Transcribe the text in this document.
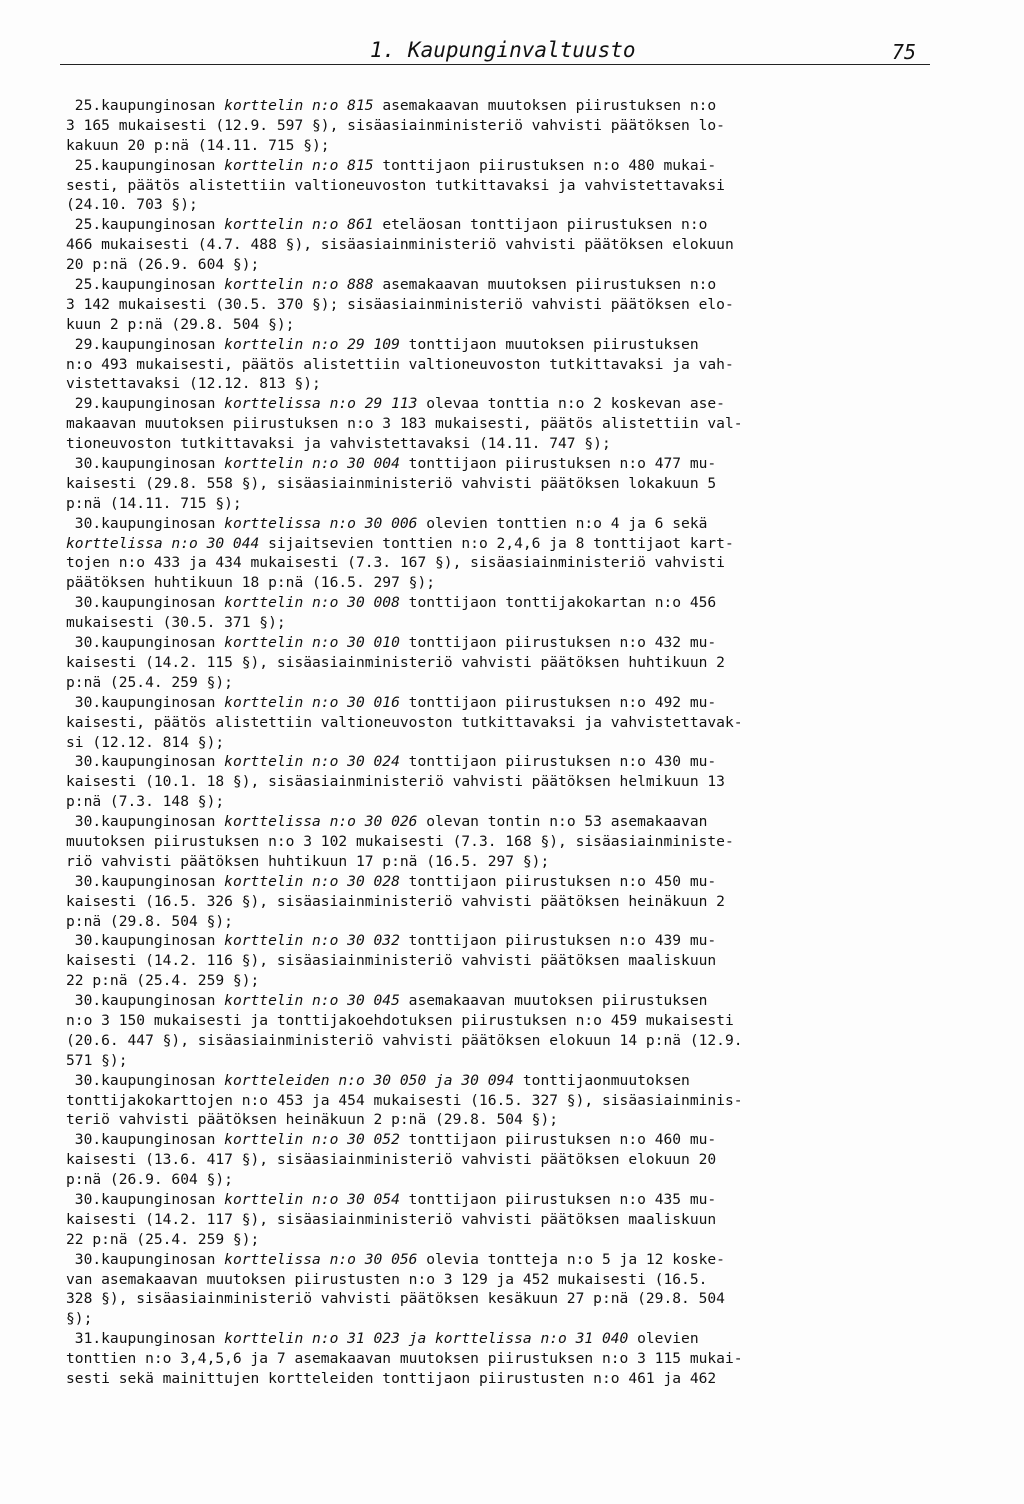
1. Kaupunginvaltuusto	75
25.kaupunginosan korttelin n:o 815 asemakaavan muutoksen piirustuksen n:o
3 165 mukaisesti (12.9. 597 §), sisäasiainministeriö vahvisti päätöksen lo-
kakuun 20 p:nä (14.11. 715 §);
25.kaupunginosan korttelin n:o 815 tonttijaon piirustuksen n:o 480 mukai-
sesti, päätös alistettiin valtioneuvoston tutkittavaksi ja vahvistettavaksi
(24.10. 703 §);
25.kaupunginosan korttelin n:o 861 eteläosan tonttijaon piirustuksen n:o
466 mukaisesti (4.7. 488 §), sisäasiainministeriö vahvisti päätöksen elokuun
20 p:nä (26.9. 604 §);
25.kaupunginosan korttelin n:o 888 asemakaavan muutoksen piirustuksen n:o
3 142 mukaisesti (30.5. 370 §); sisäasiainministeriö vahvisti päätöksen elo-
kuun 2 p:nä (29.8. 504 §);
29.kaupunginosan korttelin n:o 29 109 tonttijaon muutoksen piirustuksen
n:o 493 mukaisesti, päätös alistettiin valtioneuvoston tutkittavaksi ja vah-
vistettavaksi (12.12. 813 §);
29.kaupunginosan korttelissa n:o 29 113 olevaa tonttia n:o 2 koskevan ase-
makaavan muutoksen piirustuksen n:o 3 183 mukaisesti, päätös alistettiin val-
tioneuvoston tutkittavaksi ja vahvistettavaksi (14.11. 747 §);
30.kaupunginosan korttelin n:o 30 004 tonttijaon piirustuksen n:o 477 mu-
kaisesti (29.8. 558 §), sisäasiainministeriö vahvisti päätöksen lokakuun 5
p:nä (14.11. 715 §);
30.kaupunginosan korttelissa n:o 30 006 olevien tonttien n:o 4 ja 6 sekä
korttelissa n:o 30 044 sijaitsevien tonttien n:o 2,4,6 ja 8 tonttijaot kart-
tojen n:o 433 ja 434 mukaisesti (7.3. 167 §), sisäasiainministeriö vahvisti
päätöksen huhtikuun 18 p:nä (16.5. 297 §);
30.kaupunginosan korttelin n:o 30 008 tonttijaon tonttijakokartan n:o 456
mukaisesti (30.5. 371 §);
30.kaupunginosan korttelin n:o 30 010 tonttijaon piirustuksen n:o 432 mu-
kaisesti (14.2. 115 §), sisäasiainministeriö vahvisti päätöksen huhtikuun 2
p:nä (25.4. 259 §);
30.kaupunginosan korttelin n:o 30 016 tonttijaon piirustuksen n:o 492 mu-
kaisesti, päätös alistettiin valtioneuvoston tutkittavaksi ja vahvistettavak-
si (12.12. 814 §);
30.kaupunginosan korttelin n:o 30 024 tonttijaon piirustuksen n:o 430 mu-
kaisesti (10.1. 18 §), sisäasiainministeriö vahvisti päätöksen helmikuun 13
p:nä (7.3. 148 §);
30.kaupunginosan korttelissa n:o 30 026 olevan tontin n:o 53 asemakaavan
muutoksen piirustuksen n:o 3 102 mukaisesti (7.3. 168 §), sisäasiainministe-
riö vahvisti päätöksen huhtikuun 17 p:nä (16.5. 297 §);
30.kaupunginosan korttelin n:o 30 028 tonttijaon piirustuksen n:o 450 mu-
kaisesti (16.5. 326 §), sisäasiainministeriö vahvisti päätöksen heinäkuun 2
p:nä (29.8. 504 §);
30.kaupunginosan korttelin n:o 30 032 tonttijaon piirustuksen n:o 439 mu-
kaisesti (14.2. 116 §), sisäasiainministeriö vahvisti päätöksen maaliskuun
22 p:nä (25.4. 259 §);
30.kaupunginosan korttelin n:o 30 045 asemakaavan muutoksen piirustuksen
n:o 3 150 mukaisesti ja tonttijakoehdotuksen piirustuksen n:o 459 mukaisesti
(20.6. 447 §), sisäasiainministeriö vahvisti päätöksen elokuun 14 p:nä (12.9.
571 §);
30.kaupunginosan kortteleiden n:o 30 050 ja 30 094 tonttijaonmuutoksen
tonttijakokarttojen n:o 453 ja 454 mukaisesti (16.5. 327 §), sisäasiainminis-
teriö vahvisti päätöksen heinäkuun 2 p:nä (29.8. 504 §);
30.kaupunginosan korttelin n:o 30 052 tonttijaon piirustuksen n:o 460 mu-
kaisesti (13.6. 417 §), sisäasiainministeriö vahvisti päätöksen elokuun 20
p:nä (26.9. 604 §);
30.kaupunginosan korttelin n:o 30 054 tonttijaon piirustuksen n:o 435 mu-
kaisesti (14.2. 117 §), sisäasiainministeriö vahvisti päätöksen maaliskuun
22 p:nä (25.4. 259 §);
30.kaupunginosan korttelissa n:o 30 056 olevia tontteja n:o 5 ja 12 koske-
van asemakaavan muutoksen piirustusten n:o 3 129 ja 452 mukaisesti (16.5.
328 §), sisäasiainministeriö vahvisti päätöksen kesäkuun 27 p:nä (29.8. 504
§);
31.kaupunginosan korttelin n:o 31 023 ja korttelissa n:o 31 040 olevien
tonttien n:o 3,4,5,6 ja 7 asemakaavan muutoksen piirustuksen n:o 3 115 mukai-
sesti sekä mainittujen kortteleiden tonttijaon piirustusten n:o 461 ja 462
